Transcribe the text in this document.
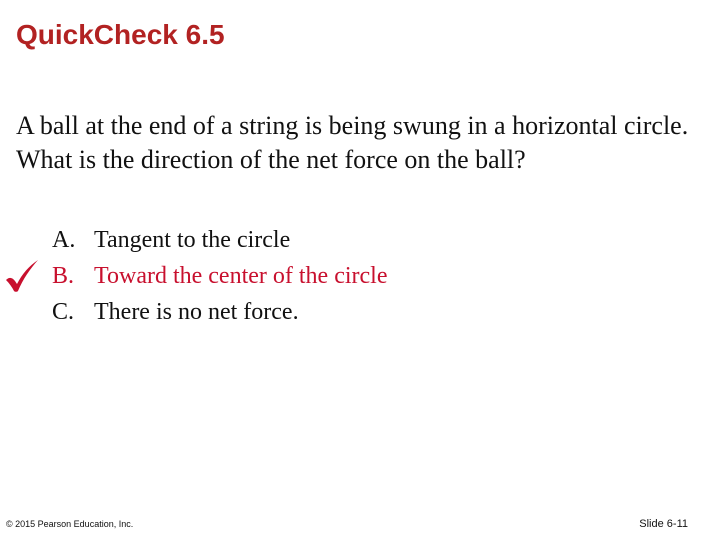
QuickCheck 6.5
A ball at the end of a string is being swung in a horizontal circle. What is the direction of the net force on the ball?
A. Tangent to the circle
B. Toward the center of the circle
C. There is no net force.
© 2015 Pearson Education, Inc.	Slide 6-11
